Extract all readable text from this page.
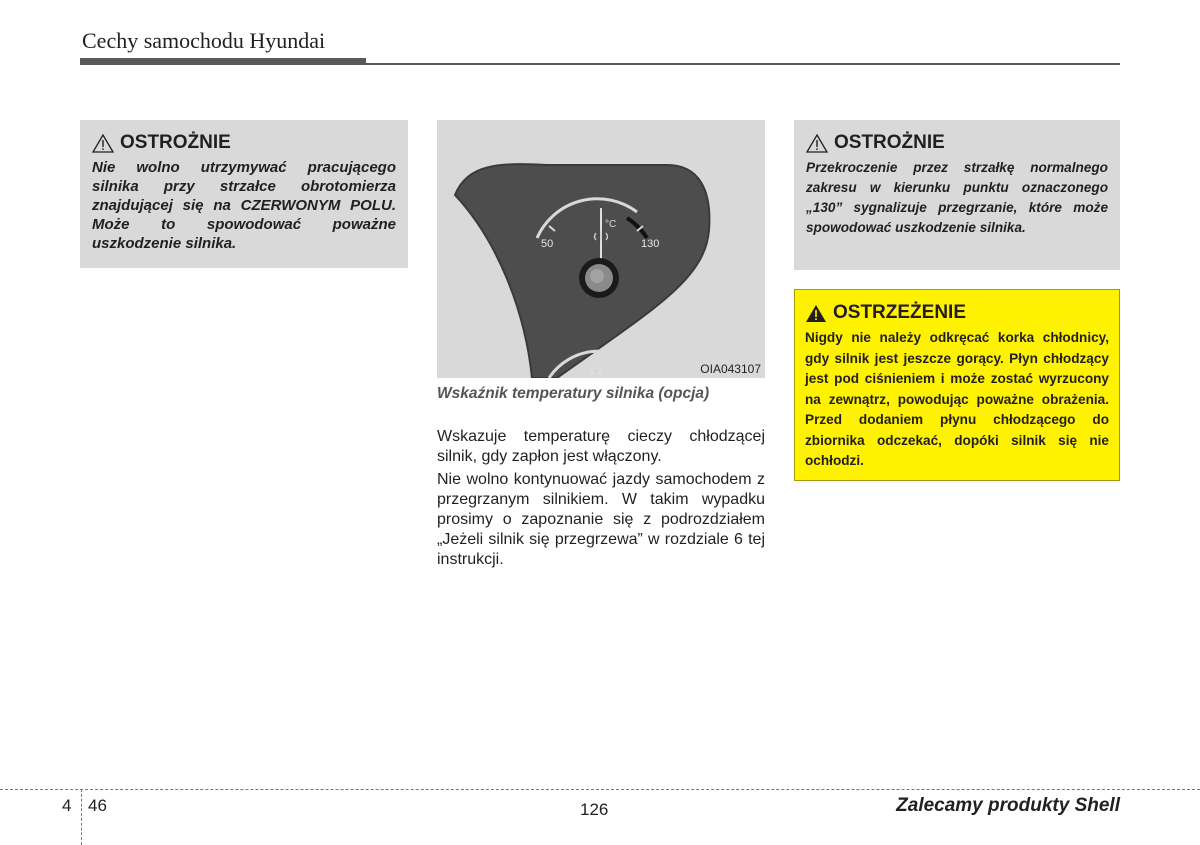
Cechy samochodu Hyundai
OSTROŻNIE
Nie wolno utrzymywać pracującego silnika przy strzałce obrotomierza znajdującej się na CZERWONYM POLU. Może to spowodować poważne uszkodzenie silnika.
°C
50	130
1 2	OIA043107
Wskaźnik temperatury silnika (opcja)
Wskazuje temperaturę cieczy chłodzącej silnik, gdy zapłon jest włączony.
Nie wolno kontynuować jazdy samochodem z przegrzanym silnikiem. W takim wypadku prosimy o zapoznanie się z podrozdziałem „Jeżeli silnik się przegrzewa” w rozdziale 6 tej instrukcji.
OSTROŻNIE
Przekroczenie przez strzałkę normalnego zakresu w kierunku punktu oznaczonego „130” sygnalizuje przegrzanie, które może spowodować uszkodzenie silnika.
OSTRZEŻENIE
Nigdy nie należy odkręcać korka chłodnicy, gdy silnik jest jeszcze gorący. Płyn chłodzący jest pod ciśnieniem i może zostać wyrzucony na zewnątrz, powodując poważne obrażenia. Przed dodaniem płynu chłodzącego do zbiornika odczekać, dopóki silnik się nie ochłodzi.
4 46	126	Zalecamy produkty Shell
